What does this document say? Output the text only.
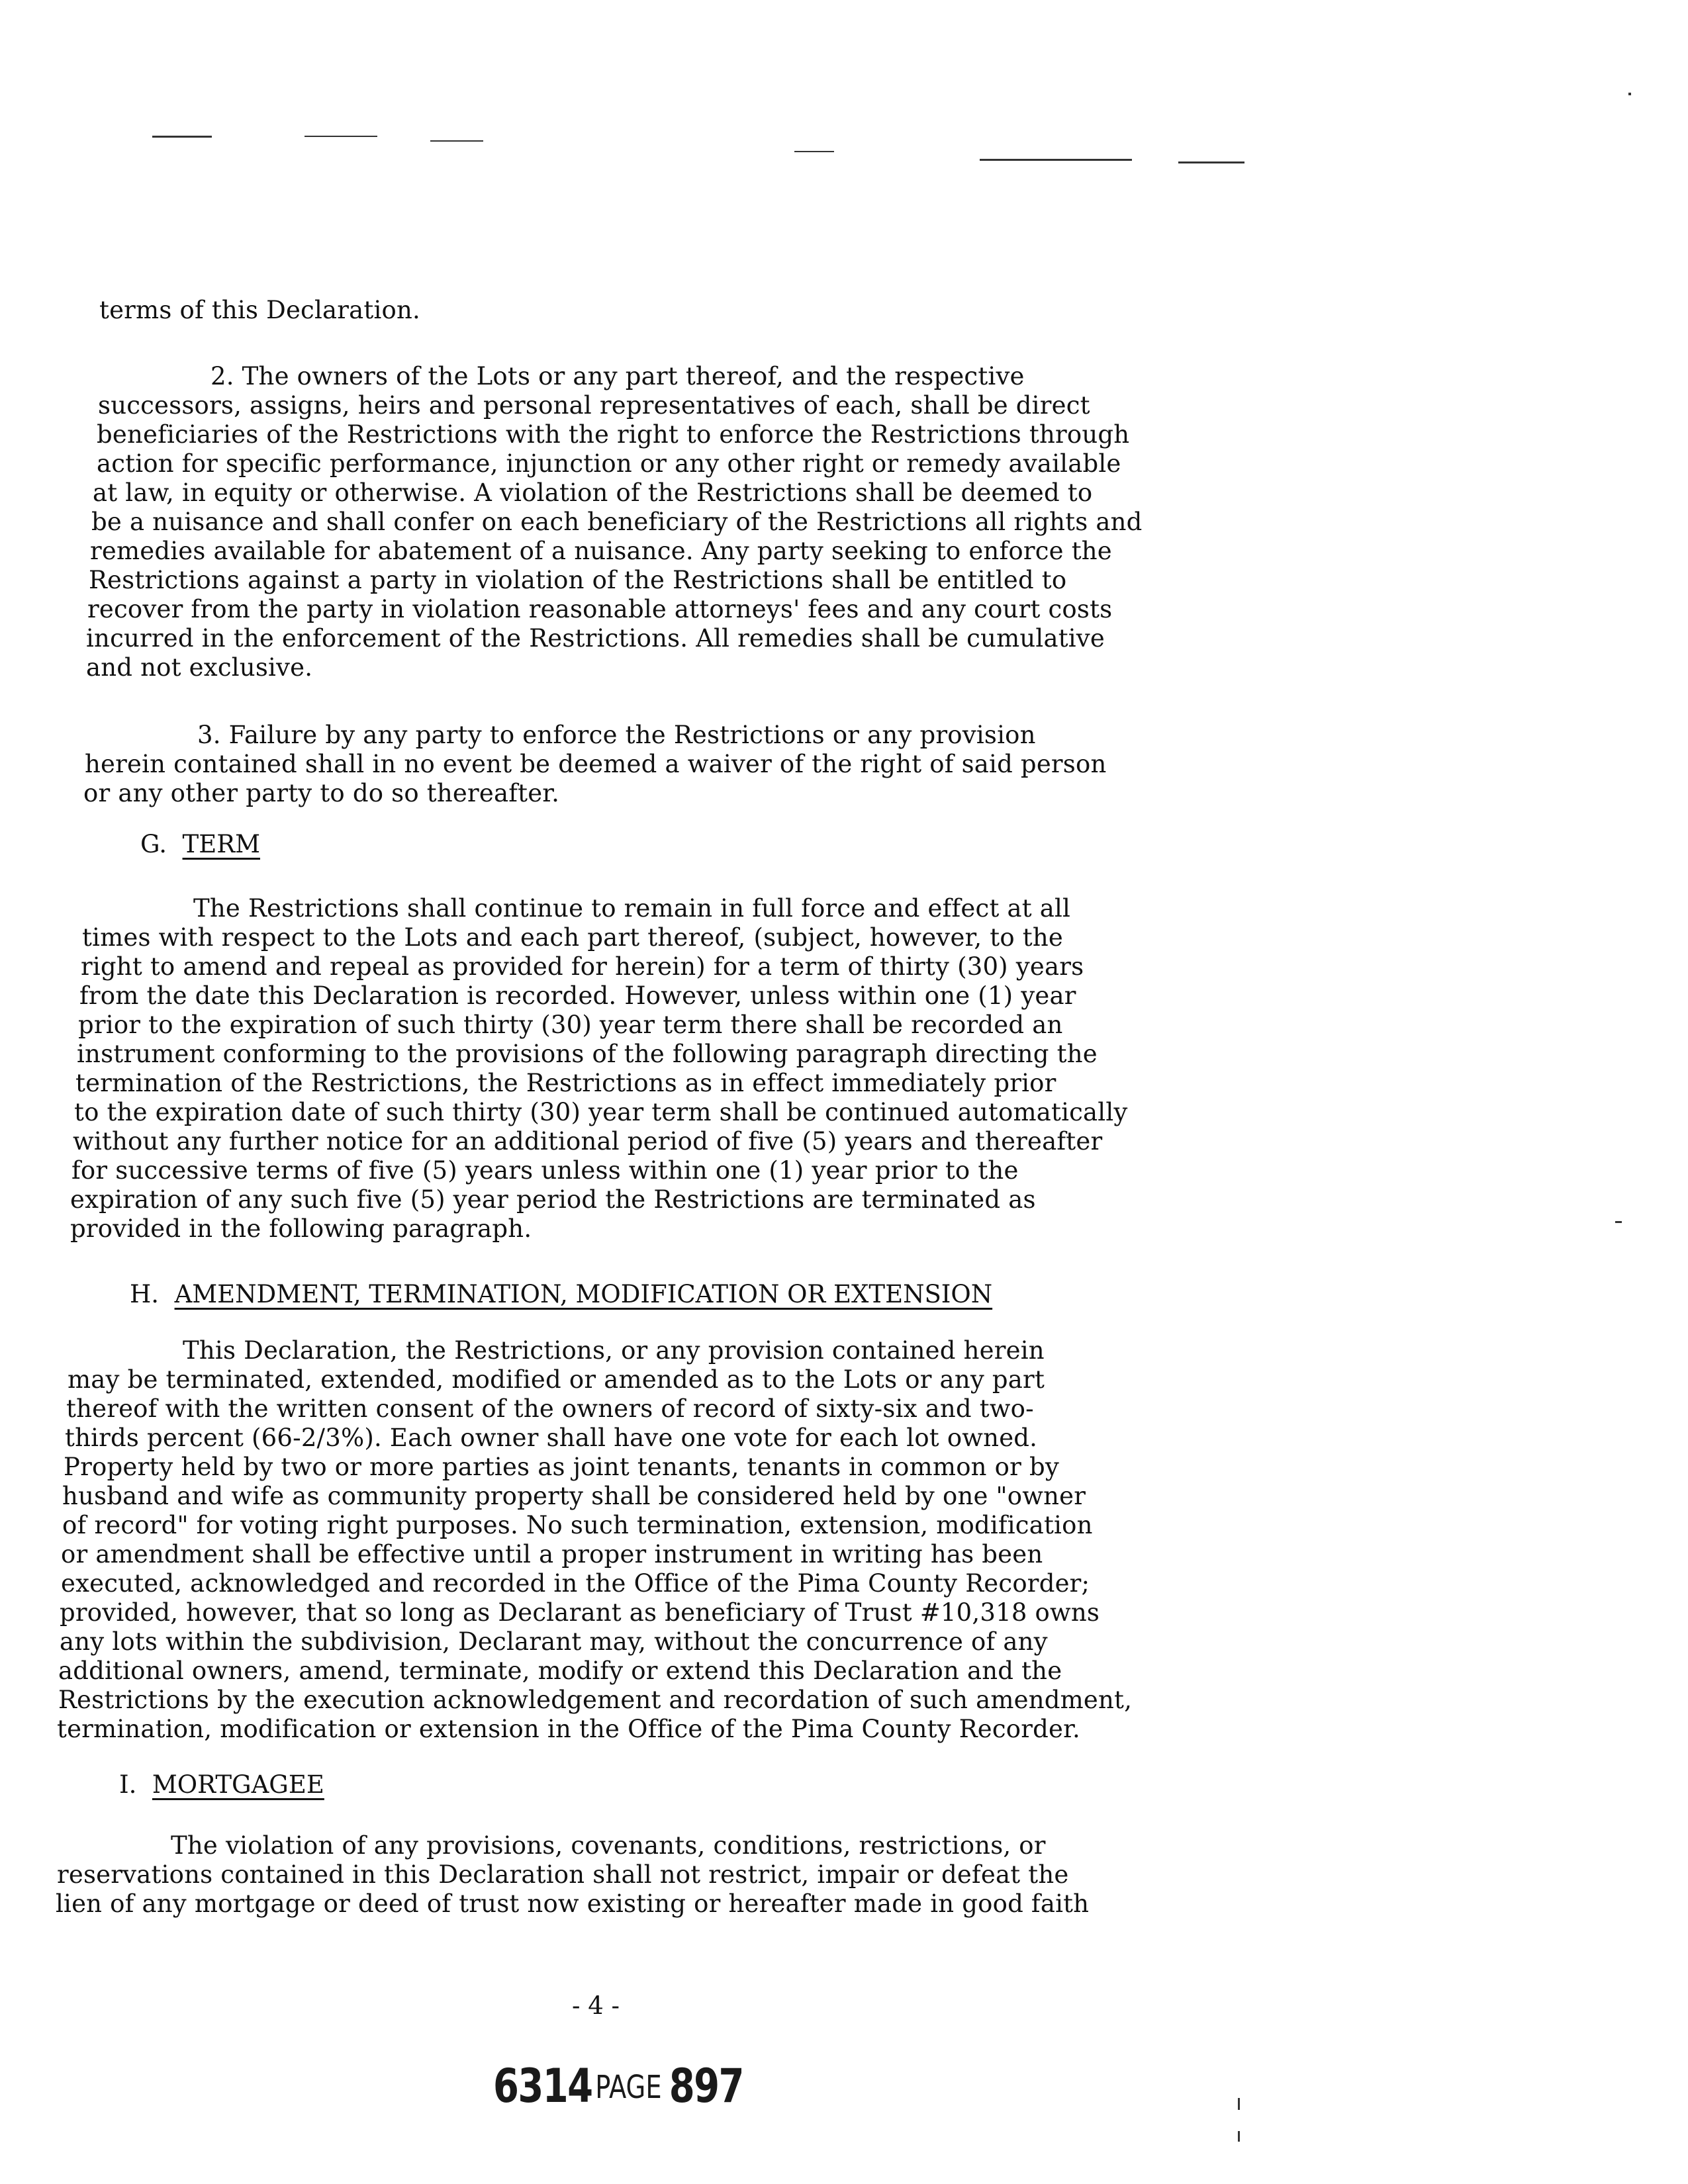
terms of this Declaration.
2. The owners of the Lots or any part thereof, and the respective
successors, assigns, heirs and personal representatives of each, shall be direct
beneficiaries of the Restrictions with the right to enforce the Restrictions through
action for specific performance, injunction or any other right or remedy available
at law, in equity or otherwise. A violation of the Restrictions shall be deemed to
be a nuisance and shall confer on each beneficiary of the Restrictions all rights and
remedies available for abatement of a nuisance. Any party seeking to enforce the
Restrictions against a party in violation of the Restrictions shall be entitled to
recover from the party in violation reasonable attorneys' fees and any court costs
incurred in the enforcement of the Restrictions. All remedies shall be cumulative
and not exclusive.
3. Failure by any party to enforce the Restrictions or any provision
herein contained shall in no event be deemed a waiver of the right of said person
or any other party to do so thereafter.
G. TERM
The Restrictions shall continue to remain in full force and effect at all
times with respect to the Lots and each part thereof, (subject, however, to the
right to amend and repeal as provided for herein) for a term of thirty (30) years
from the date this Declaration is recorded. However, unless within one (1) year
prior to the expiration of such thirty (30) year term there shall be recorded an
instrument conforming to the provisions of the following paragraph directing the
termination of the Restrictions, the Restrictions as in effect immediately prior
to the expiration date of such thirty (30) year term shall be continued automatically
without any further notice for an additional period of five (5) years and thereafter
for successive terms of five (5) years unless within one (1) year prior to the
expiration of any such five (5) year period the Restrictions are terminated as
provided in the following paragraph.
H. AMENDMENT, TERMINATION, MODIFICATION OR EXTENSION
This Declaration, the Restrictions, or any provision contained herein
may be terminated, extended, modified or amended as to the Lots or any part
thereof with the written consent of the owners of record of sixty-six and two-
thirds percent (66-2/3%). Each owner shall have one vote for each lot owned.
Property held by two or more parties as joint tenants, tenants in common or by
husband and wife as community property shall be considered held by one "owner
of record" for voting right purposes. No such termination, extension, modification
or amendment shall be effective until a proper instrument in writing has been
executed, acknowledged and recorded in the Office of the Pima County Recorder;
provided, however, that so long as Declarant as beneficiary of Trust #10,318 owns
any lots within the subdivision, Declarant may, without the concurrence of any
additional owners, amend, terminate, modify or extend this Declaration and the
Restrictions by the execution acknowledgement and recordation of such amendment,
termination, modification or extension in the Office of the Pima County Recorder.
I. MORTGAGEE
The violation of any provisions, covenants, conditions, restrictions, or
reservations contained in this Declaration shall not restrict, impair or defeat the
lien of any mortgage or deed of trust now existing or hereafter made in good faith
- 4 -
6314PAGE 897
